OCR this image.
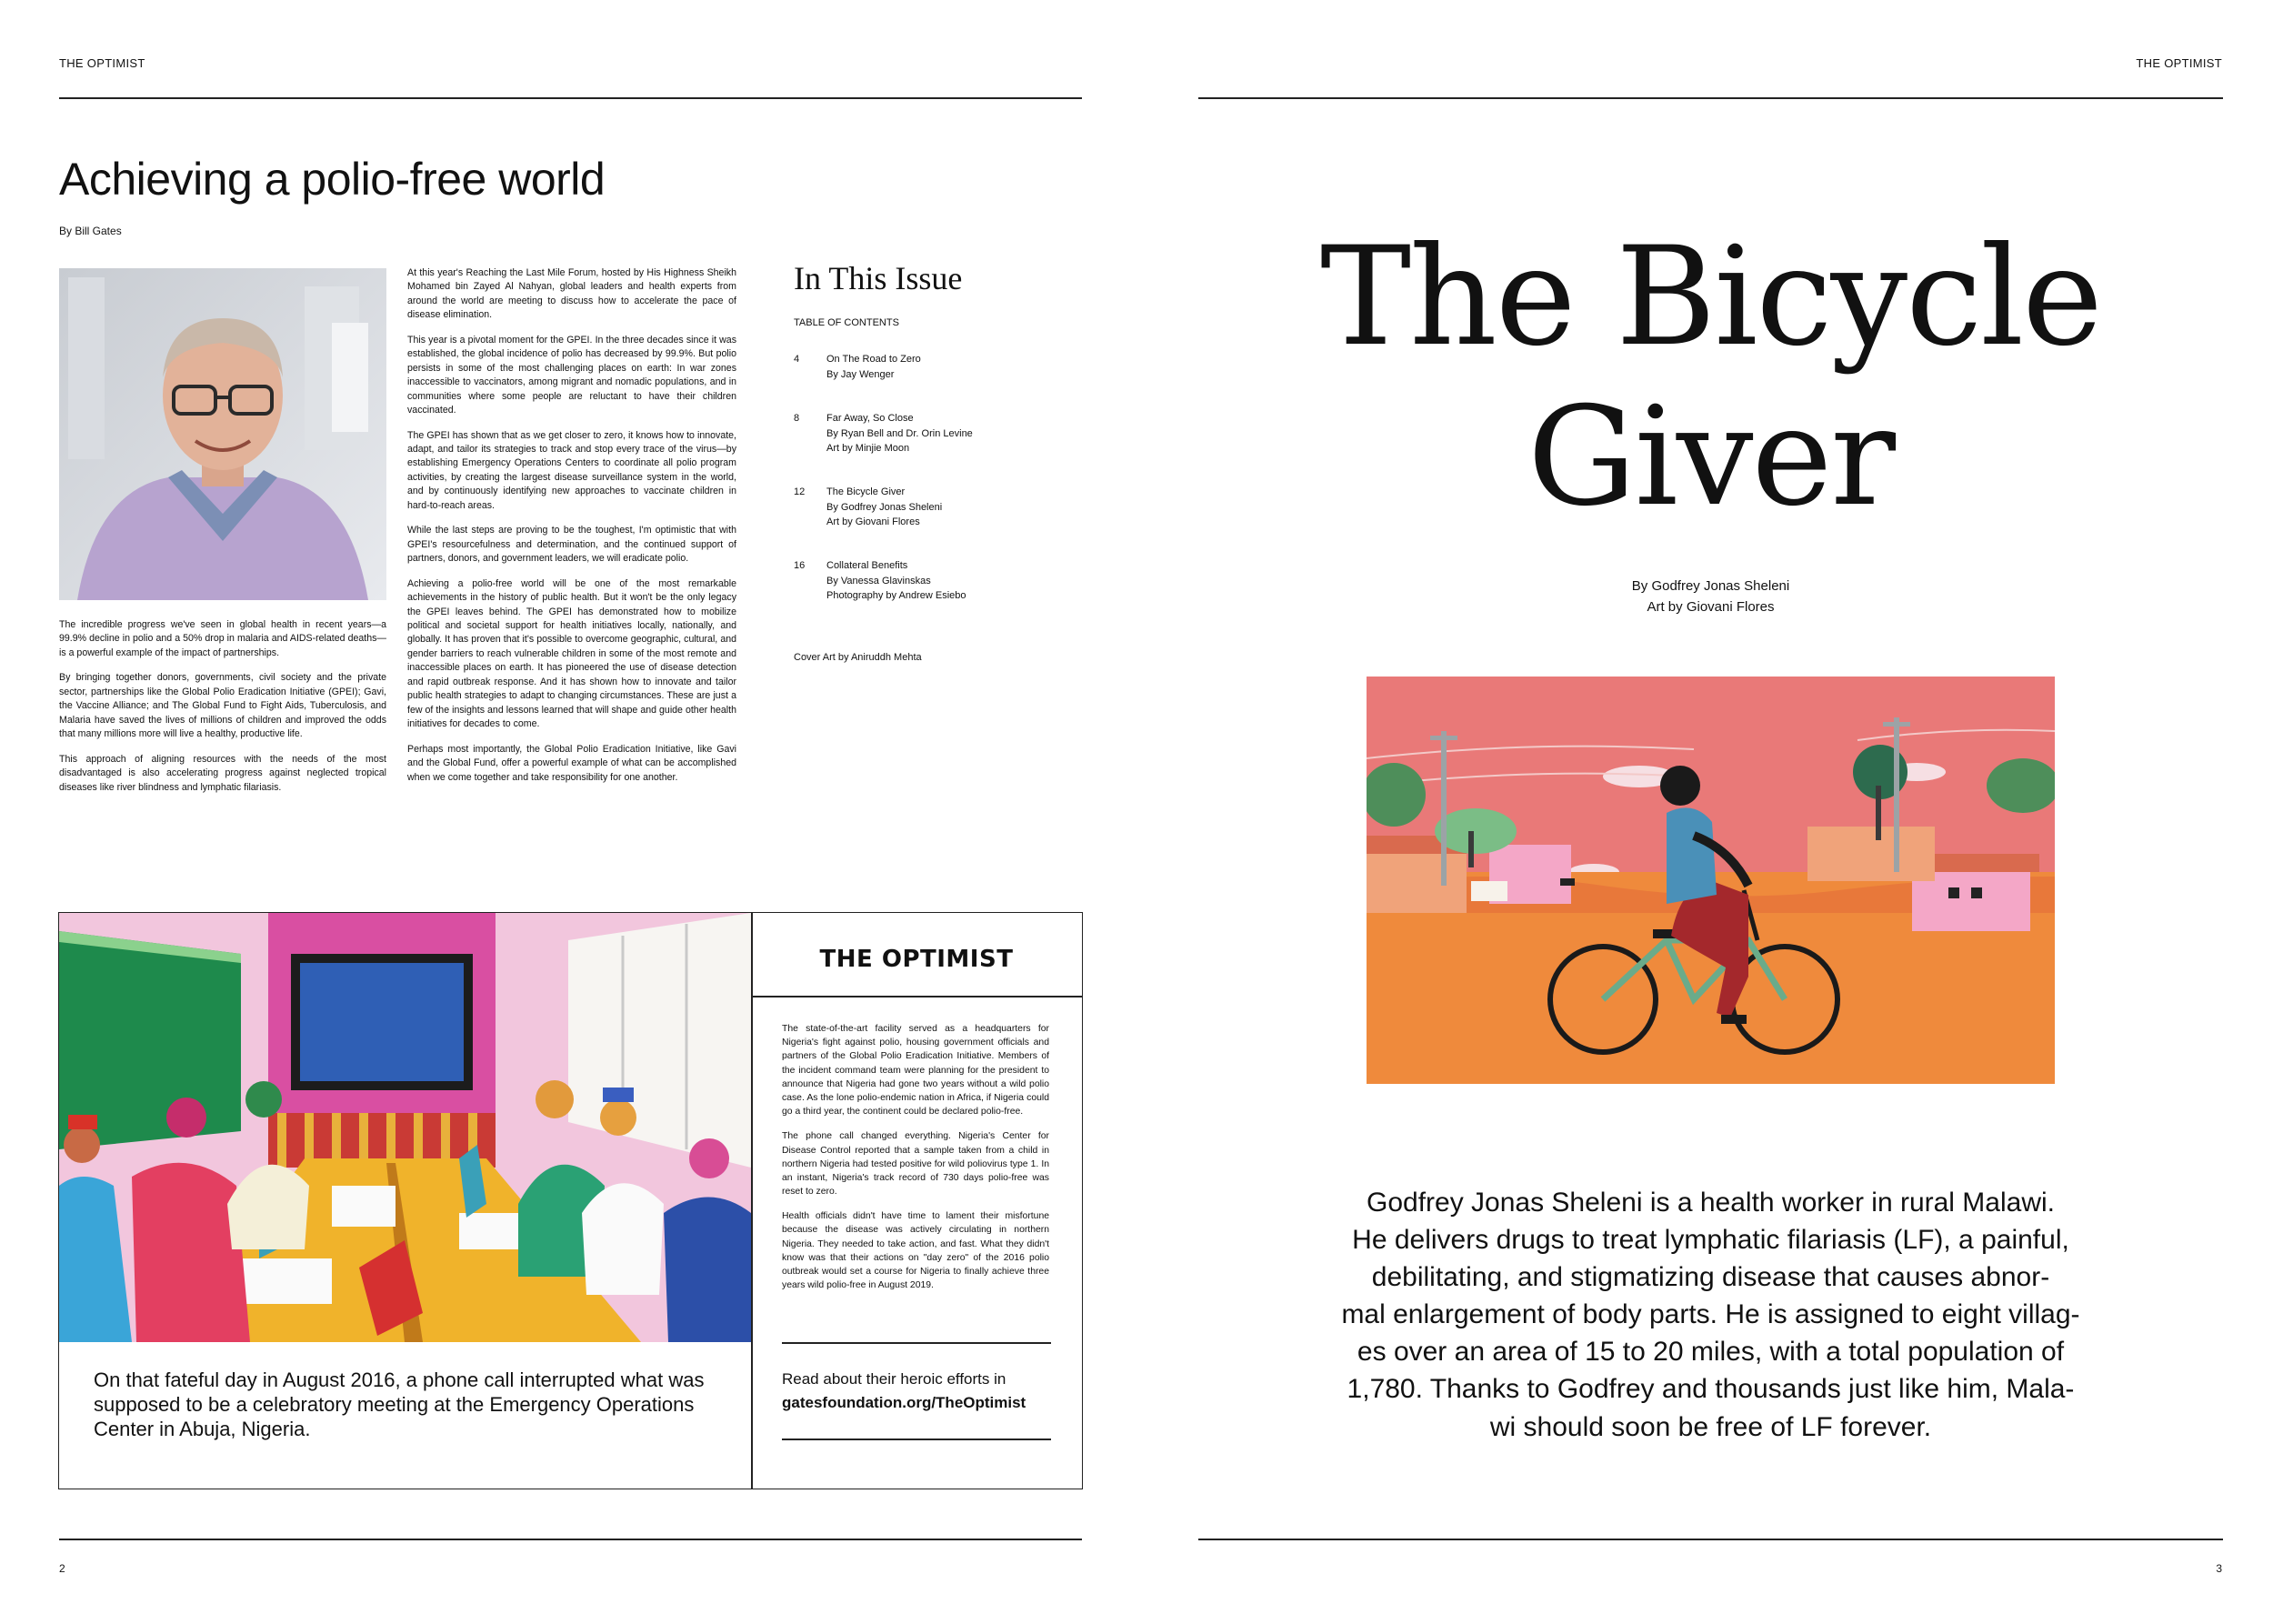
THE OPTIMIST
Achieving a polio-free world
By Bill Gates

The incredible progress we've seen in global health in recent years—a 99.9% decline in polio and a 50% drop in malaria and AIDS-related deaths—is a powerful example of the impact of partnerships.

By bringing together donors, governments, civil society and the private sector, partnerships like the Global Polio Eradication Initiative (GPEI); Gavi, the Vaccine Alliance; and The Global Fund to Fight Aids, Tuberculosis, and Malaria have saved the lives of millions of children and improved the odds that many millions more will live a healthy, productive life.

This approach of aligning resources with the needs of the most disadvantaged is also accelerating progress against neglected tropical diseases like river blindness and lymphatic filariasis.

At this year's Reaching the Last Mile Forum, hosted by His Highness Sheikh Mohamed bin Zayed Al Nahyan, global leaders and health experts from around the world are meeting to discuss how to accelerate the pace of disease elimination.

This year is a pivotal moment for the GPEI. In the three decades since it was established, the global incidence of polio has decreased by 99.9%. But polio persists in some of the most challenging places on earth: In war zones inaccessible to vaccinators, among migrant and nomadic populations, and in communities where some people are reluctant to have their children vaccinated.

The GPEI has shown that as we get closer to zero, it knows how to innovate, adapt, and tailor its strategies to track and stop every trace of the virus—by establishing Emergency Operations Centers to coordinate all polio program activities, by creating the largest disease surveillance system in the world, and by continuously identifying new approaches to vaccinate children in hard-to-reach areas.

While the last steps are proving to be the toughest, I'm optimistic that with GPEI's resourcefulness and determination, and the continued support of partners, donors, and government leaders, we will eradicate polio.

Achieving a polio-free world will be one of the most remarkable achievements in the history of public health. But it won't be the only legacy the GPEI leaves behind. The GPEI has demonstrated how to mobilize political and societal support for health initiatives locally, nationally, and globally. It has proven that it's possible to overcome geographic, cultural, and gender barriers to reach vulnerable children in some of the most remote and inaccessible places on earth. It has pioneered the use of disease detection and rapid outbreak response. And it has shown how to innovate and tailor public health strategies to adapt to changing circumstances. These are just a few of the insights and lessons learned that will shape and guide other health initiatives for decades to come.

Perhaps most importantly, the Global Polio Eradication Initiative, like Gavi and the Global Fund, offer a powerful example of what can be accomplished when we come together and take responsibility for one another.

In This Issue
TABLE OF CONTENTS
4	On The Road to Zero
By Jay Wenger
8	Far Away, So Close
By Ryan Bell and Dr. Orin Levine
Art by Minjie Moon
12 The Bicycle Giver
By Godfrey Jonas Sheleni
Art by Giovani Flores
16 Collateral Benefits
By Vanessa Glavinskas
Photography by Andrew Esiebo
Cover Art by Aniruddh Mehta
THE OPTIMIST

The state-of-the-art facility served as a headquarters for Nigeria's fight against polio, housing government officials and partners of the Global Polio Eradication Initiative. Members of the incident command team were planning for the president to announce that Nigeria had gone two years without a wild polio case. As the lone polio-endemic nation in Africa, if Nigeria could go a third year, the continent could be declared polio-free.

The phone call changed everything. Nigeria's Center for Disease Control reported that a sample taken from a child in northern Nigeria had tested positive for wild poliovirus type 1. In an instant, Nigeria's track record of 730 days polio-free was reset to zero.

Health officials didn't have time to lament their misfortune because the disease was actively circulating in northern Nigeria. They needed to take action, and fast. What they didn't know was that their actions on "day zero" of the 2016 polio outbreak would set a course for Nigeria to finally achieve three years wild polio-free in August 2019.

Read about their heroic efforts in
gatesfoundation.org/TheOptimist
On that fateful day in August 2016, a phone call interrupted what was supposed to be a celebratory meeting at the Emergency Operations Center in Abuja, Nigeria.
2
THE OPTIMIST
The Bicycle
Giver
By Godfrey Jonas Sheleni
Art by Giovani Flores
Godfrey Jonas Sheleni is a health worker in rural Malawi.
He delivers drugs to treat lymphatic filariasis (LF), a painful,
debilitating, and stigmatizing disease that causes abnor-
mal enlargement of body parts. He is assigned to eight villag-
es over an area of 15 to 20 miles, with a total population of
1,780. Thanks to Godfrey and thousands just like him, Mala-
wi should soon be free of LF forever.
3
